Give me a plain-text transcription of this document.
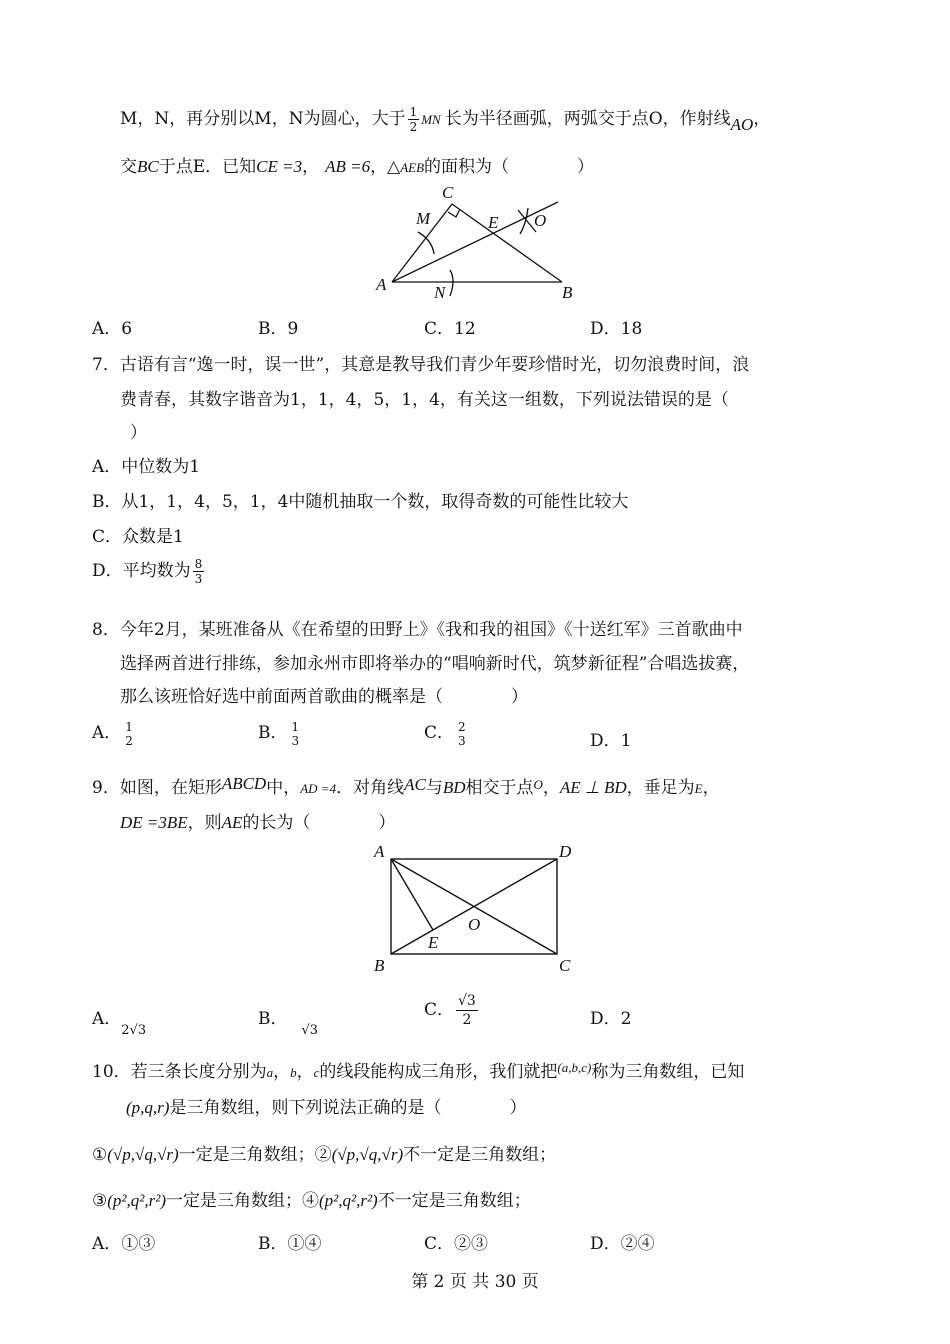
M，N，再分别以M，N为圆心，大于 $\frac{1}{2}$ MN 长为半径画弧，两弧交于点O，作射线AO，
交BC于点E．已知CE =3， AB =6，△AEB的面积为（　　　　）
C
M	E O
A	N	B
A．6	B．9	C．12	D．18
7．古语有言“逸一时，误一世”，其意是教导我们青少年要珍惜时光，切勿浪费时间，浪
费青春，其数字谐音为1，1，4，5，1，4，有关这一组数，下列说法错误的是（
）
A．中位数为1
B．从1，1，4，5，1，4中随机抽取一个数，取得奇数的可能性比较大
C．众数是1
D．平均数为 $\frac{8}{3}$
8．今年2月，某班准备从《在希望的田野上》《我和我的祖国》《十送红军》三首歌曲中
选择两首进行排练，参加永州市即将举办的“唱响新时代，筑梦新征程”合唱选拔赛，
那么该班恰好选中前面两首歌曲的概率是（　　　　）
A． 1
2	B． 1
3	C． 2
3	D．1
9．如图，在矩形ABCD中，AD =4．对角线AC与BD相交于点$^O$，AE ⊥ BD，垂足为E，
DE =3BE，则AE的长为（　　　　）
A	D
O
E
B	C
A．$_{2√3}$
B．$_{√3}$
C． $\frac{√3}{2}$	D．2
10．若三条长度分别为a，b，c的线段能构成三角形，我们就把$^{(a,b,c)}$称为三角数组，已知
(p,q,r)是三角数组，则下列说法正确的是（　　　　）
①(√p,√q,√r)一定是三角数组；②(√p,√q,√r)不一定是三角数组；
③(p²,q²,r²)一定是三角数组；④(p²,q²,r²)不一定是三角数组；
A．①③	B．①④	C．②③	D．②④
第 2 页 共 30 页
